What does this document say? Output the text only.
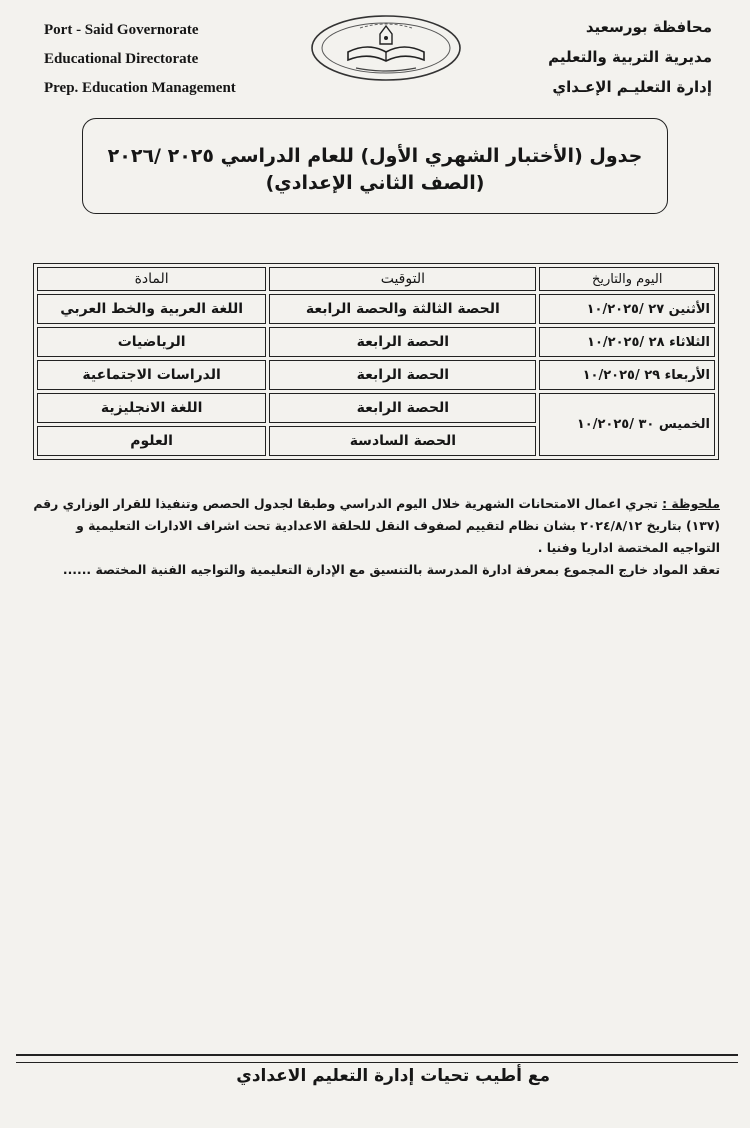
Port - Said Governorate
Educational Directorate
Prep. Education Management
محافظة بورسعيد
مديرية التربية والتعليم
إدارة التعليـم الإعـداي
جدول (الأختبار الشهري الأول) للعام الدراسي ٢٠٢٥ /٢٠٢٦
(الصف الثاني الإعدادي)
اليوم والتاريخ	التوقيت	المادة
الأثنين ٢٧ /١٠/٢٠٢٥	الحصة الثالثة والحصة الرابعة	اللغة العربية والخط العربي
الثلاثاء ٢٨ /١٠/٢٠٢٥	الحصة الرابعة	الرياضيات
الأربعاء ٢٩ /١٠/٢٠٢٥	الحصة الرابعة	الدراسات الاجتماعية
الخميس ٣٠ /١٠/٢٠٢٥	الحصة الرابعة	اللغة الانجليزية
	الحصة السادسة	العلوم

ملحوظة : تجري اعمال الامتحانات الشهرية خلال اليوم الدراسي وطبقا لجدول الحصص وتنفيذا للقرار الوزاري رقم

(١٣٧) بتاريخ ٢٠٢٤/٨/١٢ بشان نظام لتقييم لصفوف النقل للحلقة الاعدادية تحت اشراف الادارات التعليمية و

التواجيه المختصة اداريا وفنيا .

تعقد المواد خارج المجموع بمعرفة ادارة المدرسة بالتنسيق مع الإدارة التعليمية والتواجيه الفنية المختصة ......

مع أطيب تحيات إدارة التعليم الاعدادي
